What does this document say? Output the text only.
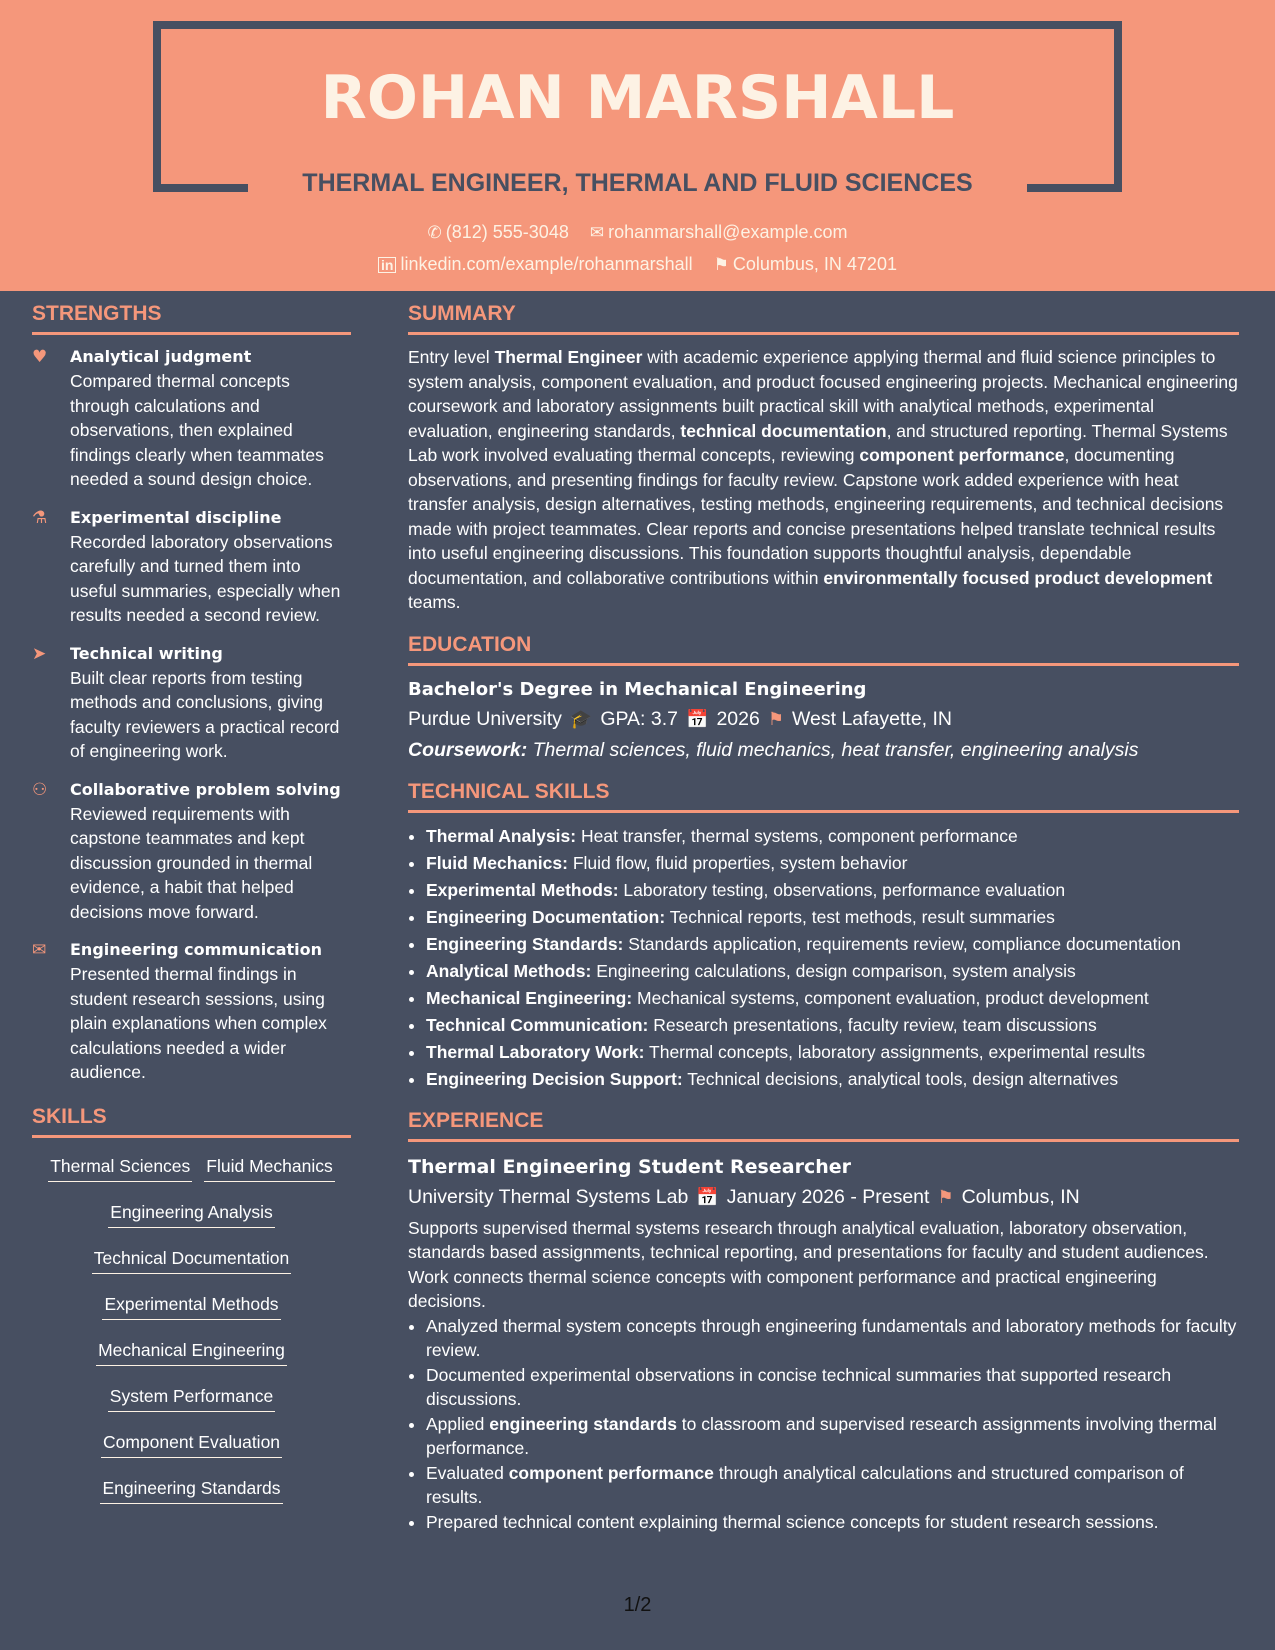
ROHAN MARSHALL
THERMAL ENGINEER, THERMAL AND FLUID SCIENCES
✆ (812) 555-3048 ✉ rohanmarshall@example.com
in linkedin.com/example/rohanmarshall ⚑ Columbus, IN 47201
STRENGTHS
♥	Analytical judgment
Compared thermal concepts through calculations and observations, then explained findings clearly when teammates needed a sound design choice.
⚗	Experimental discipline
Recorded laboratory observations carefully and turned them into useful summaries, especially when results needed a second review.
➤	Technical writing
Built clear reports from testing methods and conclusions, giving faculty reviewers a practical record of engineering work.
⚇	Collaborative problem solving
Reviewed requirements with capstone teammates and kept discussion grounded in thermal evidence, a habit that helped decisions move forward.
✉	Engineering communication
Presented thermal findings in student research sessions, using plain explanations when complex calculations needed a wider audience.
SKILLS
Thermal Sciences Fluid Mechanics
Engineering Analysis
Technical Documentation
Experimental Methods
Mechanical Engineering
System Performance
Component Evaluation
Engineering Standards

SUMMARY
Entry level Thermal Engineer with academic experience applying thermal and fluid science principles to system analysis, component evaluation, and product focused engineering projects. Mechanical engineering coursework and laboratory assignments built practical skill with analytical methods, experimental evaluation, engineering standards, technical documentation, and structured reporting. Thermal Systems Lab work involved evaluating thermal concepts, reviewing component performance, documenting observations, and presenting findings for faculty review. Capstone work added experience with heat transfer analysis, design alternatives, testing methods, engineering requirements, and technical decisions made with project teammates. Clear reports and concise presentations helped translate technical results into useful engineering discussions. This foundation supports thoughtful analysis, dependable documentation, and collaborative contributions within environmentally focused product development teams.
EDUCATION
Bachelor's Degree in Mechanical Engineering
Purdue University 🎓 GPA: 3.7 📅 2026 ⚑ West Lafayette, IN
Coursework: Thermal sciences, fluid mechanics, heat transfer, engineering analysis
TECHNICAL SKILLS
• Thermal Analysis: Heat transfer, thermal systems, component performance
• Fluid Mechanics: Fluid flow, fluid properties, system behavior
• Experimental Methods: Laboratory testing, observations, performance evaluation
• Engineering Documentation: Technical reports, test methods, result summaries
• Engineering Standards: Standards application, requirements review, compliance documentation
• Analytical Methods: Engineering calculations, design comparison, system analysis
• Mechanical Engineering: Mechanical systems, component evaluation, product development
• Technical Communication: Research presentations, faculty review, team discussions
• Thermal Laboratory Work: Thermal concepts, laboratory assignments, experimental results
• Engineering Decision Support: Technical decisions, analytical tools, design alternatives
EXPERIENCE
Thermal Engineering Student Researcher
University Thermal Systems Lab 📅 January 2026 - Present ⚑ Columbus, IN
Supports supervised thermal systems research through analytical evaluation, laboratory observation, standards based assignments, technical reporting, and presentations for faculty and student audiences. Work connects thermal science concepts with component performance and practical engineering decisions.
• Analyzed thermal system concepts through engineering fundamentals and laboratory methods for faculty review.
• Documented experimental observations in concise technical summaries that supported research discussions.
• Applied engineering standards to classroom and supervised research assignments involving thermal performance.
• Evaluated component performance through analytical calculations and structured comparison of results.
• Prepared technical content explaining thermal science concepts for student research sessions.
1/2
